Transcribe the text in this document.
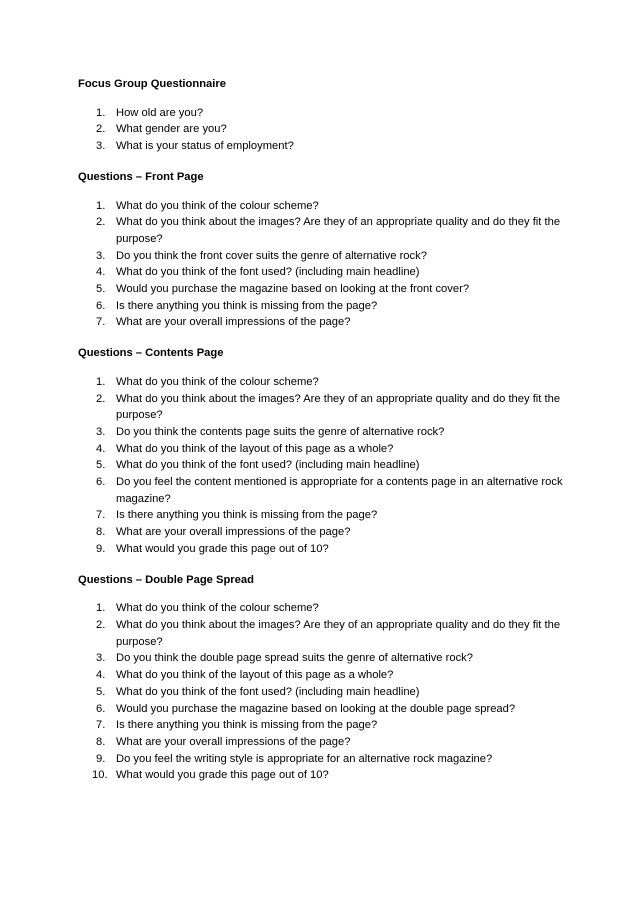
Focus Group Questionnaire
1. How old are you?
2. What gender are you?
3. What is your status of employment?
Questions – Front Page
1. What do you think of the colour scheme?
2. What do you think about the images? Are they of an appropriate quality and do they fit the purpose?
3. Do you think the front cover suits the genre of alternative rock?
4. What do you think of the font used? (including main headline)
5. Would you purchase the magazine based on looking at the front cover?
6. Is there anything you think is missing from the page?
7. What are your overall impressions of the page?
Questions – Contents Page
1. What do you think of the colour scheme?
2. What do you think about the images? Are they of an appropriate quality and do they fit the purpose?
3. Do you think the contents page suits the genre of alternative rock?
4. What do you think of the layout of this page as a whole?
5. What do you think of the font used? (including main headline)
6. Do you feel the content mentioned is appropriate for a contents page in an alternative rock magazine?
7. Is there anything you think is missing from the page?
8. What are your overall impressions of the page?
9. What would you grade this page out of 10?
Questions – Double Page Spread
1. What do you think of the colour scheme?
2. What do you think about the images? Are they of an appropriate quality and do they fit the purpose?
3. Do you think the double page spread suits the genre of alternative rock?
4. What do you think of the layout of this page as a whole?
5. What do you think of the font used? (including main headline)
6. Would you purchase the magazine based on looking at the double page spread?
7. Is there anything you think is missing from the page?
8. What are your overall impressions of the page?
9. Do you feel the writing style is appropriate for an alternative rock magazine?
10. What would you grade this page out of 10?
